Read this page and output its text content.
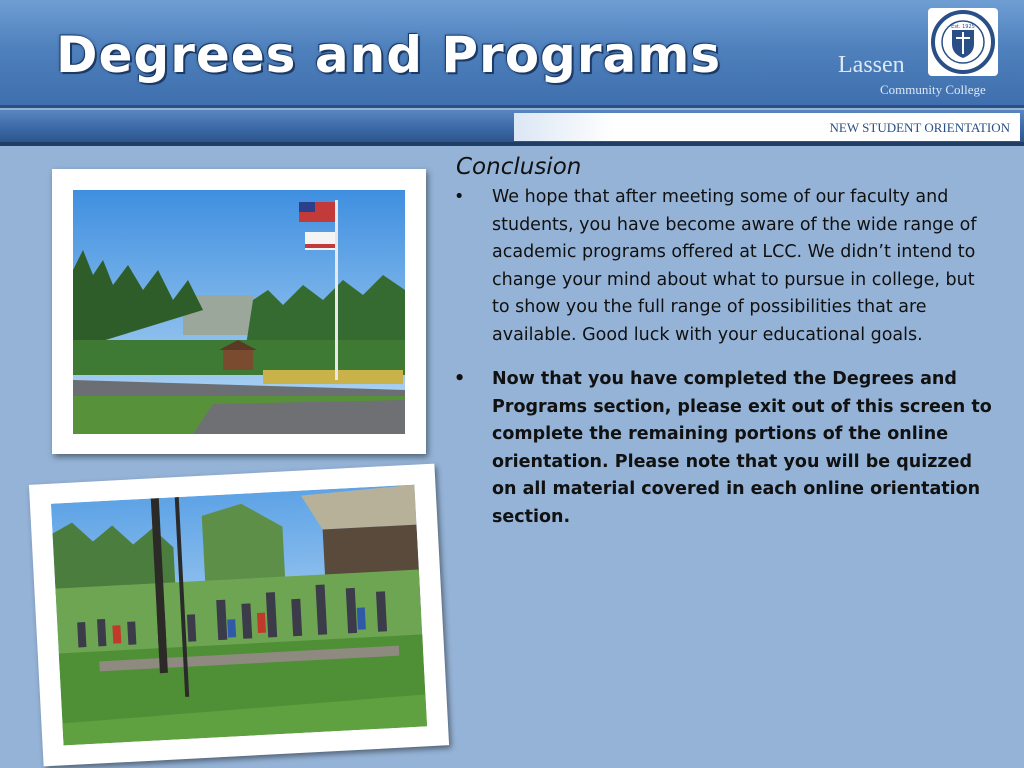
Degrees and Programs	Lassen
Community College
Est. 1925
NEW STUDENT ORIENTATION
Conclusion
• We hope that after meeting some of our faculty and students, you have become aware of the wide range of academic programs offered at LCC. We didn’t intend to change your mind about what to pursue in college, but to show you the full range of possibilities that are available. Good luck with your educational goals.
• Now that you have completed the Degrees and Programs section, please exit out of this screen to complete the remaining portions of the online orientation. Please note that you will be quizzed on all material covered in each online orientation section.
